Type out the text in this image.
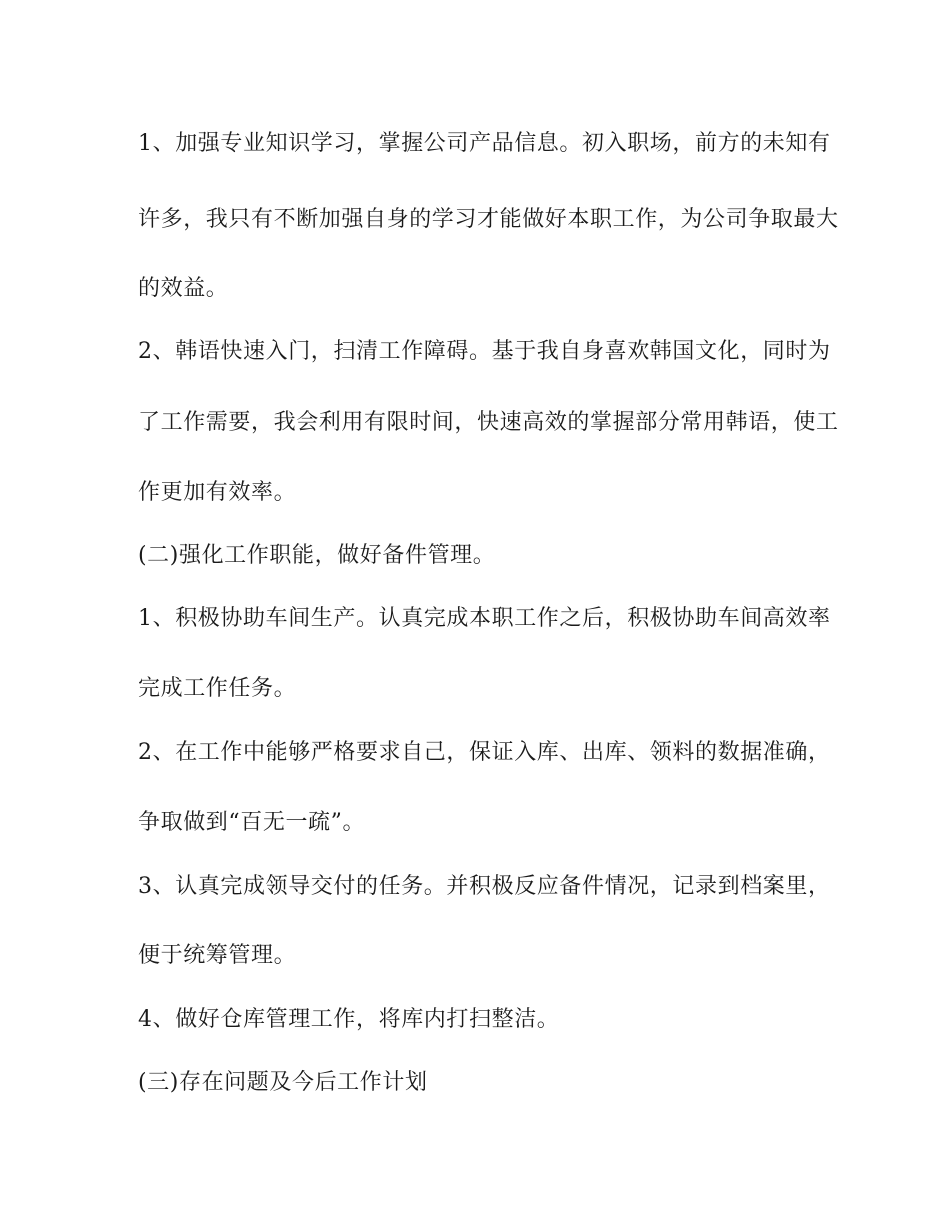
1、加强专业知识学习，掌握公司产品信息。初入职场，前方的未知有

许多，我只有不断加强自身的学习才能做好本职工作，为公司争取最大

的效益。

2、韩语快速入门，扫清工作障碍。基于我自身喜欢韩国文化，同时为

了工作需要，我会利用有限时间，快速高效的掌握部分常用韩语，使工

作更加有效率。

(二)强化工作职能，做好备件管理。

1、积极协助车间生产。认真完成本职工作之后，积极协助车间高效率

完成工作任务。

2、在工作中能够严格要求自己，保证入库、出库、领料的数据准确，

争取做到“百无一疏”。

3、认真完成领导交付的任务。并积极反应备件情况，记录到档案里，

便于统筹管理。

4、做好仓库管理工作，将库内打扫整洁。

(三)存在问题及今后工作计划
